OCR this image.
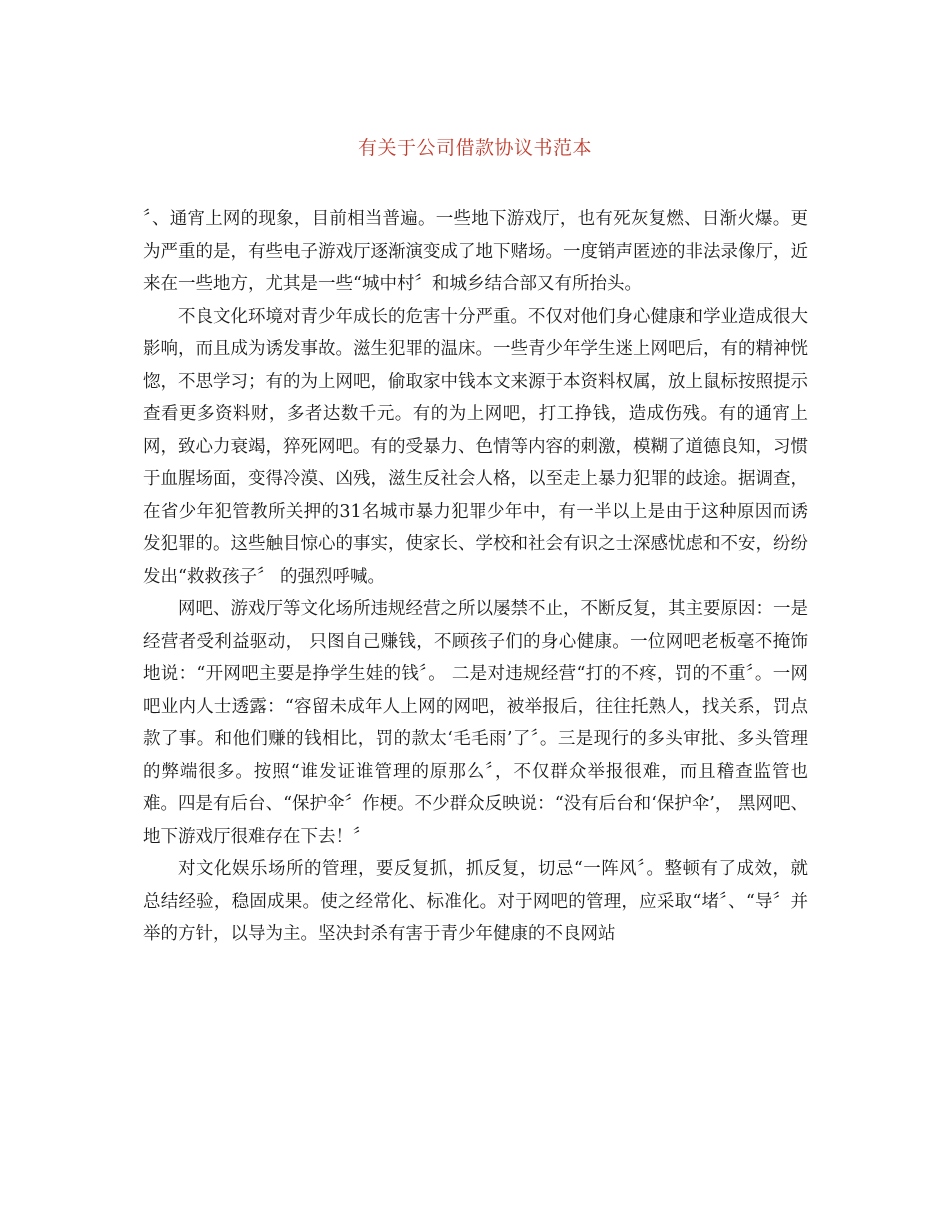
有关于公司借款协议书范本

〞、通宵上网的现象，目前相当普遍。一些地下游戏厅，也有死灰复燃、日渐火爆。更为严重的是，有些电子游戏厅逐渐演变成了地下赌场。一度销声匿迹的非法录像厅，近来在一些地方，尤其是一些“城中村〞和城乡结合部又有所抬头。

不良文化环境对青少年成长的危害十分严重。不仅对他们身心健康和学业造成很大影响，而且成为诱发事故。滋生犯罪的温床。一些青少年学生迷上网吧后，有的精神恍惚，不思学习；有的为上网吧，偷取家中钱本文来源于本资料权属，放上鼠标按照提示查看更多资料财，多者达数千元。有的为上网吧，打工挣钱，造成伤残。有的通宵上网，致心力衰竭，猝死网吧。有的受暴力、色情等内容的刺激，模糊了道德良知，习惯于血腥场面，变得冷漠、凶残，滋生反社会人格，以至走上暴力犯罪的歧途。据调查，在省少年犯管教所关押的31名城市暴力犯罪少年中，有一半以上是由于这种原因而诱发犯罪的。这些触目惊心的事实，使家长、学校和社会有识之士深感忧虑和不安，纷纷发出“救救孩子〞 的强烈呼喊。

网吧、游戏厅等文化场所违规经营之所以屡禁不止，不断反复，其主要原因：一是经营者受利益驱动， 只图自己赚钱，不顾孩子们的身心健康。一位网吧老板毫不掩饰地说：“开网吧主要是挣学生娃的钱〞。 二是对违规经营“打的不疼，罚的不重〞。一网吧业内人士透露：“容留未成年人上网的网吧，被举报后，往往托熟人，找关系，罚点款了事。和他们赚的钱相比，罚的款太‘毛毛雨’了〞。三是现行的多头审批、多头管理的弊端很多。按照“谁发证谁管理的原那么〞，不仅群众举报很难，而且稽查监管也难。四是有后台、“保护伞〞作梗。不少群众反映说：“没有后台和‘保护伞’， 黑网吧、地下游戏厅很难存在下去！〞

对文化娱乐场所的管理，要反复抓，抓反复，切忌“一阵风〞。整顿有了成效，就总结经验，稳固成果。使之经常化、标准化。对于网吧的管理，应采取“堵〞、“导〞并举的方针，以导为主。坚决封杀有害于青少年健康的不良网站
